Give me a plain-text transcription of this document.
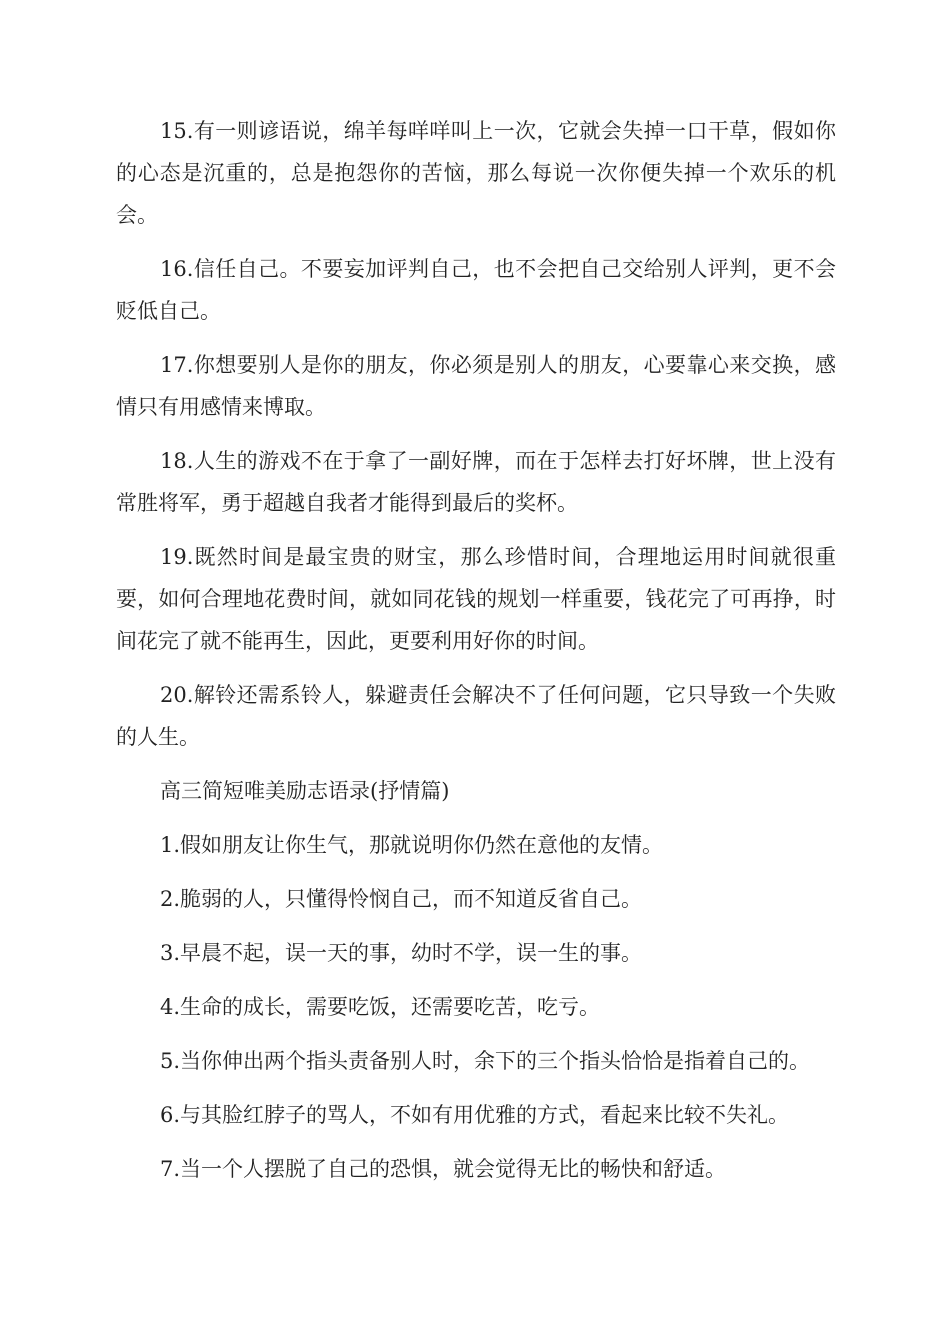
15.有一则谚语说，绵羊每咩咩叫上一次，它就会失掉一口干草，假如你的心态是沉重的，总是抱怨你的苦恼，那么每说一次你便失掉一个欢乐的机会。

16.信任自己。不要妄加评判自己，也不会把自己交给别人评判，更不会贬低自己。

17.你想要别人是你的朋友，你必须是别人的朋友，心要靠心来交换，感情只有用感情来博取。

18.人生的游戏不在于拿了一副好牌，而在于怎样去打好坏牌，世上没有常胜将军，勇于超越自我者才能得到最后的奖杯。

19.既然时间是最宝贵的财宝，那么珍惜时间，合理地运用时间就很重要，如何合理地花费时间，就如同花钱的规划一样重要，钱花完了可再挣，时间花完了就不能再生，因此，更要利用好你的时间。

20.解铃还需系铃人，躲避责任会解决不了任何问题，它只导致一个失败的人生。

高三简短唯美励志语录(抒情篇)

1.假如朋友让你生气，那就说明你仍然在意他的友情。

2.脆弱的人，只懂得怜悯自己，而不知道反省自己。

3.早晨不起，误一天的事，幼时不学，误一生的事。

4.生命的成长，需要吃饭，还需要吃苦，吃亏。

5.当你伸出两个指头责备别人时，余下的三个指头恰恰是指着自己的。

6.与其脸红脖子的骂人，不如有用优雅的方式，看起来比较不失礼。

7.当一个人摆脱了自己的恐惧，就会觉得无比的畅快和舒适。
